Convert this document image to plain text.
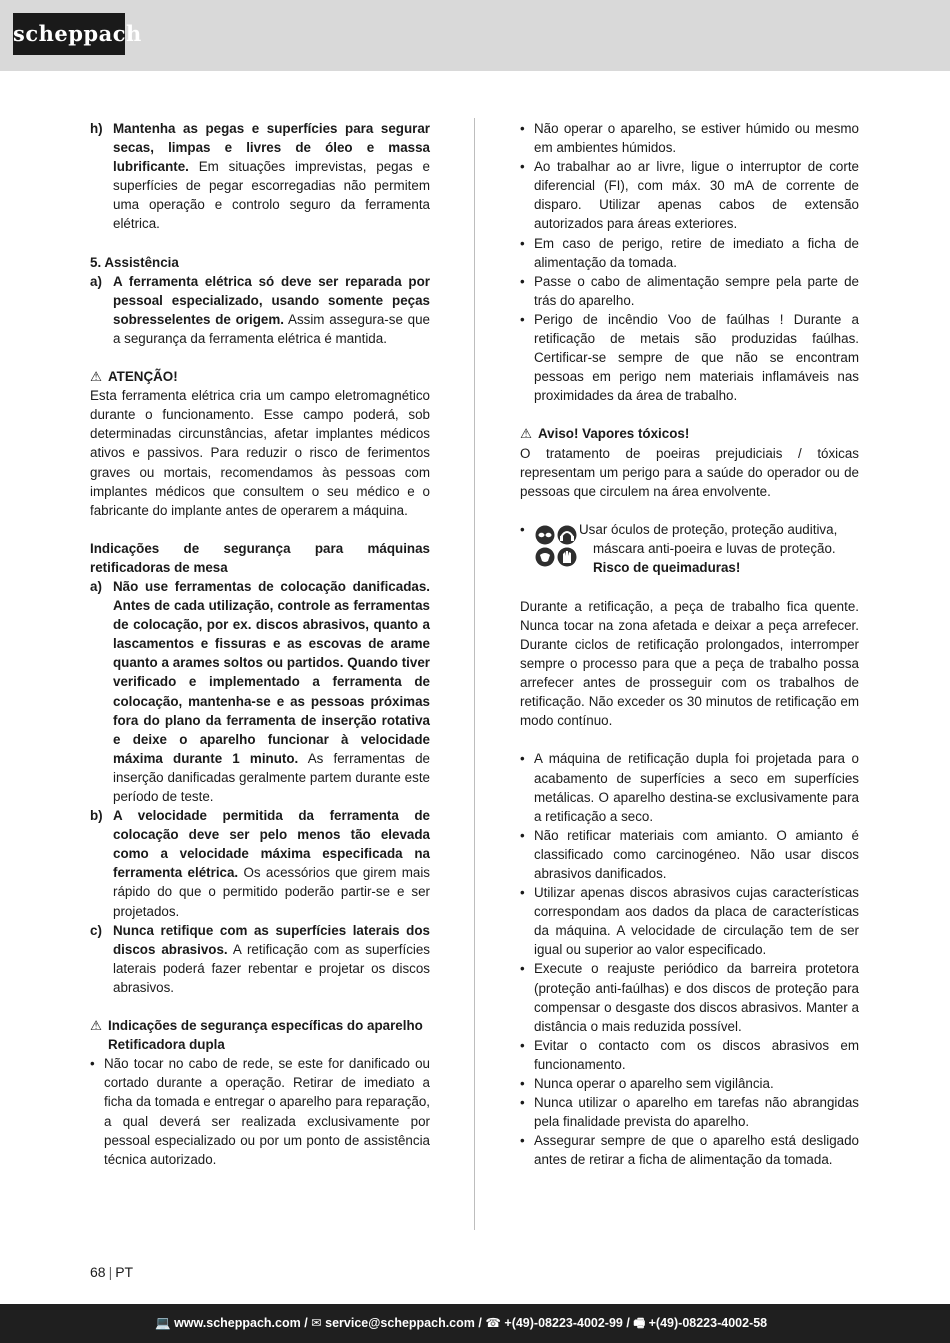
scheppach
h) Mantenha as pegas e superfícies para segurar secas, limpas e livres de óleo e massa lubrificante. Em situações imprevistas, pegas e superfícies de pegar escorregadias não permitem uma operação e controlo seguro da ferramenta elétrica.

5. Assistência

a) A ferramenta elétrica só deve ser reparada por pessoal especializado, usando somente peças sobresselentes de origem. Assim assegura-se que a segurança da ferramenta elétrica é mantida.
⚠ ATENÇÃO!

Esta ferramenta elétrica cria um campo eletromagnético durante o funcionamento. Esse campo poderá, sob determinadas circunstâncias, afetar implantes médicos ativos e passivos. Para reduzir o risco de ferimentos graves ou mortais, recomendamos às pessoas com implantes médicos que consultem o seu médico e o fabricante do implante antes de operarem a máquina.

Indicações de segurança para máquinas retificadoras de mesa

a) Não use ferramentas de colocação danificadas. Antes de cada utilização, controle as ferramentas de colocação, por ex. discos abrasivos, quanto a lascamentos e fissuras e as escovas de arame quanto a arames soltos ou partidos. Quando tiver verificado e implementado a ferramenta de colocação, mantenha-se e as pessoas próximas fora do plano da ferramenta de inserção rotativa e deixe o aparelho funcionar à velocidade máxima durante 1 minuto. As ferramentas de inserção danificadas geralmente partem durante este período de teste.
b) A velocidade permitida da ferramenta de colocação deve ser pelo menos tão elevada como a velocidade máxima especificada na ferramenta elétrica. Os acessórios que girem mais rápido do que o permitido poderão partir-se e ser projetados.
c) Nunca retifique com as superfícies laterais dos discos abrasivos. A retificação com as superfícies laterais poderá fazer rebentar e projetar os discos abrasivos.
⚠ Indicações de segurança específicas do aparelho Retificadora dupla
• Não tocar no cabo de rede, se este for danificado ou cortado durante a operação. Retirar de imediato a ficha da tomada e entregar o aparelho para reparação, a qual deverá ser realizada exclusivamente por pessoal especializado ou por um ponto de assistência técnica autorizado.
• Não operar o aparelho, se estiver húmido ou mesmo em ambientes húmidos.
• Ao trabalhar ao ar livre, ligue o interruptor de corte diferencial (FI), com máx. 30 mA de corrente de disparo. Utilizar apenas cabos de extensão autorizados para áreas exteriores.
• Em caso de perigo, retire de imediato a ficha de alimentação da tomada.
• Passe o cabo de alimentação sempre pela parte de trás do aparelho.
• Perigo de incêndio Voo de faúlhas ! Durante a retificação de metais são produzidas faúlhas. Certificar-se sempre de que não se encontram pessoas em perigo nem materiais inflamáveis nas proximidades da área de trabalho.
⚠ Aviso! Vapores tóxicos!

O tratamento de poeiras prejudiciais / tóxicas representam um perigo para a saúde do operador ou de pessoas que circulem na área envolvente.

•	Usar óculos de proteção, proteção auditiva,
máscara anti-poeira e luvas de proteção.
Risco de queimaduras!

Durante a retificação, a peça de trabalho fica quente. Nunca tocar na zona afetada e deixar a peça arrefecer. Durante ciclos de retificação prolongados, interromper sempre o processo para que a peça de trabalho possa arrefecer antes de prosseguir com os trabalhos de retificação. Não exceder os 30 minutos de retificação em modo contínuo.

• A máquina de retificação dupla foi projetada para o acabamento de superfícies a seco em superfícies metálicas. O aparelho destina-se exclusivamente para a retificação a seco.
• Não retificar materiais com amianto. O amianto é classificado como carcinogéneo. Não usar discos abrasivos danificados.
• Utilizar apenas discos abrasivos cujas características correspondam aos dados da placa de características da máquina. A velocidade de circulação tem de ser igual ou superior ao valor especificado.
• Execute o reajuste periódico da barreira protetora (proteção anti-faúlhas) e dos discos de proteção para compensar o desgaste dos discos abrasivos. Manter a distância o mais reduzida possível.
• Evitar o contacto com os discos abrasivos em funcionamento.
• Nunca operar o aparelho sem vigilância.
• Nunca utilizar o aparelho em tarefas não abrangidas pela finalidade prevista do aparelho.
• Assegurar sempre de que o aparelho está desligado antes de retirar a ficha de alimentação da tomada.
68 | PT
💻 www.scheppach.com / ✉ service@scheppach.com / ☎ +(49)-08223-4002-99 / 🖷 +(49)-08223-4002-58
